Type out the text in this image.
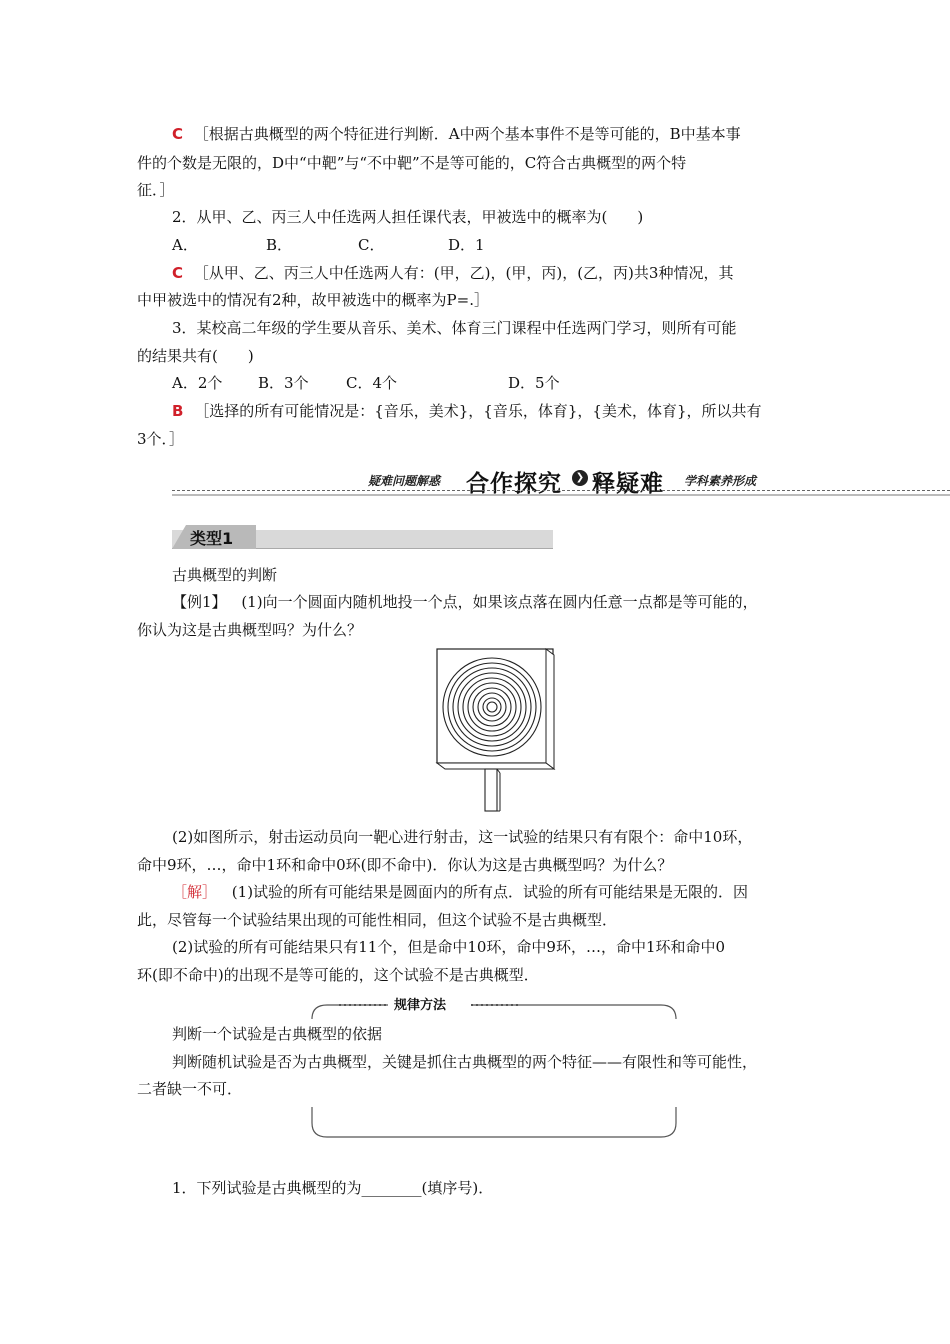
C ［根据古典概型的两个特征进行判断．A中两个基本事件不是等可能的，B中基本事
件的个数是无限的，D中“中靶”与“不中靶”不是等可能的，C符合古典概型的两个特
征．］
2．从甲、乙、丙三人中任选两人担任课代表，甲被选中的概率为(　　)
A．	B．	C．	D．1
C ［从甲、乙、丙三人中任选两人有：(甲，乙)，(甲，丙)，(乙，丙)共3种情况，其
中甲被选中的情况有2种，故甲被选中的概率为P=.］
3．某校高二年级的学生要从音乐、美术、体育三门课程中任选两门学习，则所有可能
的结果共有(　　)
A．2个 B．3个 C．4个	D．5个
B ［选择的所有可能情况是：{音乐，美术}，{音乐，体育}，{美术，体育}，所以共有
3个．］
疑难问题解惑 合作探究	❯ 释疑难 学科素养形成
类型1
古典概型的判断
【例1】 (1)向一个圆面内随机地投一个点，如果该点落在圆内任意一点都是等可能的，
你认为这是古典概型吗？为什么？
(2)如图所示，射击运动员向一靶心进行射击，这一试验的结果只有有限个：命中10环，
命中9环，…，命中1环和命中0环(即不命中)．你认为这是古典概型吗？为什么？
［解］ (1)试验的所有可能结果是圆面内的所有点．试验的所有可能结果是无限的．因
此，尽管每一个试验结果出现的可能性相同，但这个试验不是古典概型．
(2)试验的所有可能结果只有11个，但是命中10环，命中9环，…，命中1环和命中0
环(即不命中)的出现不是等可能的，这个试验不是古典概型．
规律方法
判断一个试验是古典概型的依据
判断随机试验是否为古典概型，关键是抓住古典概型的两个特征——有限性和等可能性，
二者缺一不可．
1．下列试验是古典概型的为________(填序号)．
